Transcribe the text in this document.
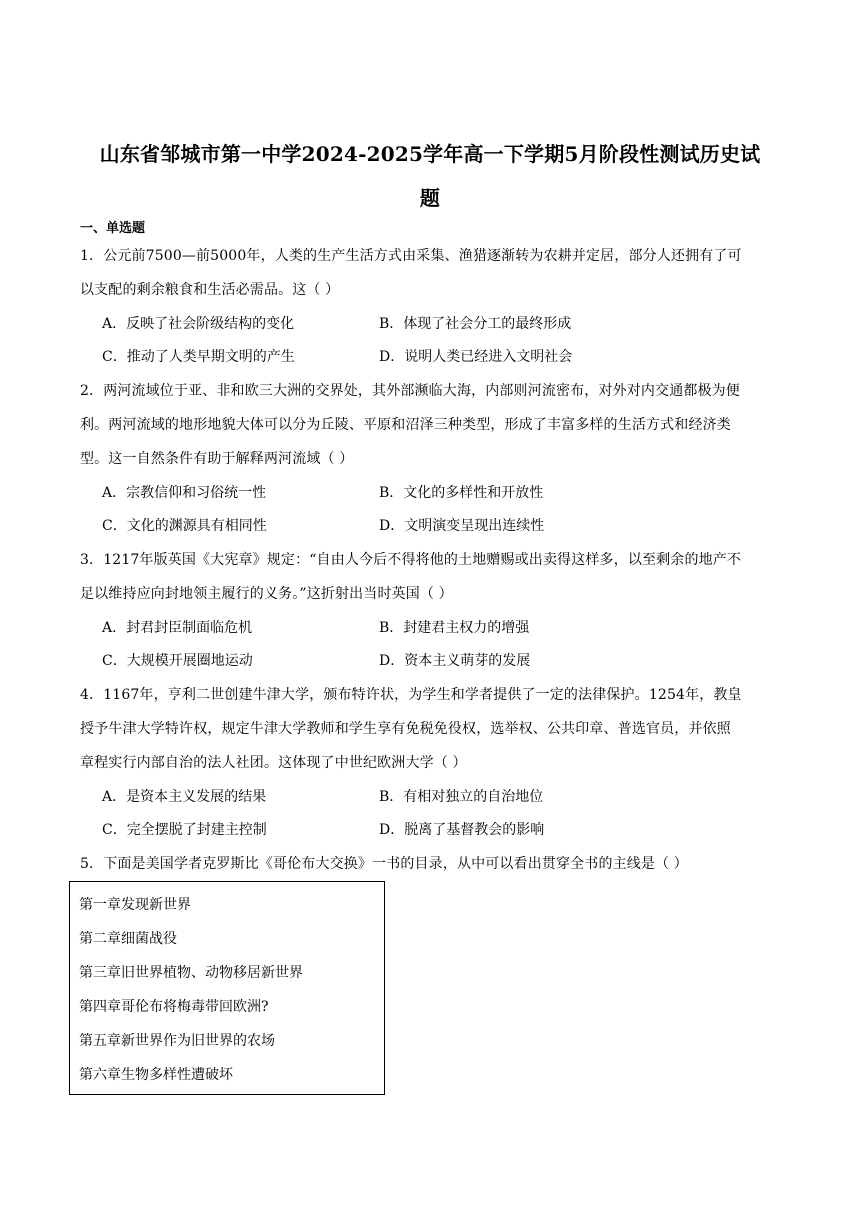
山东省邹城市第一中学2024-2025学年高一下学期5月阶段性测试历史试
题
一、单选题
1．公元前7500—前5000年，人类的生产生活方式由采集、渔猎逐渐转为农耕并定居，部分人还拥有了可
以支配的剩余粮食和生活必需品。这（ ）
A．反映了社会阶级结构的变化	B．体现了社会分工的最终形成
C．推动了人类早期文明的产生	D．说明人类已经进入文明社会
2．两河流域位于亚、非和欧三大洲的交界处，其外部濒临大海，内部则河流密布，对外对内交通都极为便
利。两河流域的地形地貌大体可以分为丘陵、平原和沼泽三种类型，形成了丰富多样的生活方式和经济类
型。这一自然条件有助于解释两河流域（ ）
A．宗教信仰和习俗统一性	B．文化的多样性和开放性
C．文化的渊源具有相同性	D．文明演变呈现出连续性
3．1217年版英国《大宪章》规定：“自由人今后不得将他的土地赠赐或出卖得这样多，以至剩余的地产不
足以维持应向封地领主履行的义务。”这折射出当时英国（ ）
A．封君封臣制面临危机	B．封建君主权力的增强
C．大规模开展圈地运动	D．资本主义萌芽的发展
4．1167年，亨利二世创建牛津大学，颁布特许状，为学生和学者提供了一定的法律保护。1254年，教皇
授予牛津大学特许权，规定牛津大学教师和学生享有免税免役权，选举权、公共印章、普选官员，并依照
章程实行内部自治的法人社团。这体现了中世纪欧洲大学（ ）
A．是资本主义发展的结果	B．有相对独立的自治地位
C．完全摆脱了封建主控制	D．脱离了基督教会的影响
5．下面是美国学者克罗斯比《哥伦布大交换》一书的目录，从中可以看出贯穿全书的主线是（ ）
第一章发现新世界
第二章细菌战役
第三章旧世界植物、动物移居新世界
第四章哥伦布将梅毒带回欧洲?
第五章新世界作为旧世界的农场
第六章生物多样性遭破坏
